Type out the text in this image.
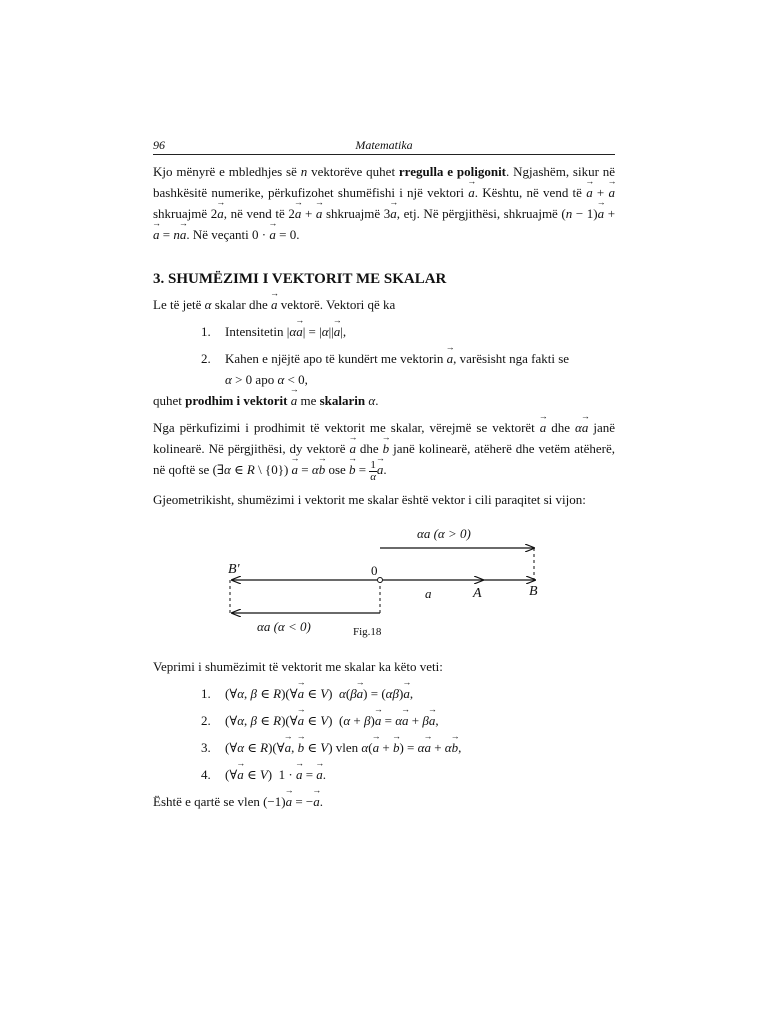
96	Matematika

Kjo mënyrë e mbledhjes së n vektorëve quhet rregulla e poligonit. Ngjashëm, sikur në bashkësitë numerike, përkufizohet shumëfishi i një vektori → a. Kështu, në vend të → a + → a shkruajmë 2→ a, në vend të 2→ a + → a shkruajmë 3→ a, etj. Në përgjithësi, shkruajmë (n − 1)→ a + → a = n→ a. Në veçanti 0 · → a = 0.

3. SHUMËZIMI I VEKTORIT ME SKALAR

Le të jetë α skalar dhe → a vektorë. Vektori që ka

1. Intensitetin |α→ a| = |α||→ a|,
2. Kahen e njëjtë apo të kundërt me vektorin → a, varësisht nga fakti se
α > 0 apo α < 0,

quhet prodhim i vektorit → a me skalarin α.

Nga përkufizimi i prodhimit të vektorit me skalar, vërejmë se vektorët → a dhe α→ a janë kolinearë. Në përgjithësi, dy vektorë → a dhe → b janë kolinearë, atëherë dhe vetëm atëherë, në qoftë se (∃α ∈ R \ {0}) → a = α→ b ose → $b = \frac{1}{\alpha}$
→ a.

Gjeometrikisht, shumëzimi i vektorit me skalar është vektor i cili paraqitet si vijon:

αa (α > 0)
B'	0
a	A	B
αa (α < 0)	Fig.18

Veprimi i shumëzimit të vektorit me skalar ka këto veti:

1. (∀α, β ∈ R)(∀→ a ∈ V)  α(β→ a) = (αβ)→ a,
2. (∀α, β ∈ R)(∀→ a ∈ V)  (α + β)→ a = α→ a + β→ a,
3. (∀α ∈ R)(∀→ a, → b ∈ V) vlen α(→ a + → b) = α→ a + α→ b,
4. (∀→ a ∈ V)  1 · → a = → a.

Është e qartë se vlen (−1)→ a = −→ a.
